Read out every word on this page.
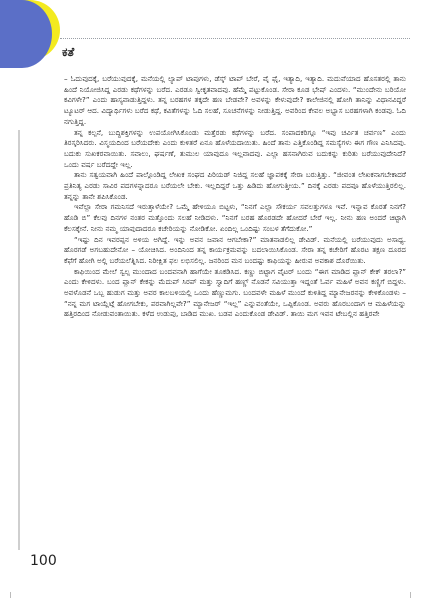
ಕತೆ

– ಓದುವುದಕ್ಕೆ, ಬರೆಯುವುದಕ್ಕೆ, ಮನೆಯಲ್ಲಿ ಲ್ಯಾಪ್ ಟಾಪುಗಳು, ಡೆಸ್ಕ್ ಟಾಪ್ ಬೇರೆ, ವೈ ಫೈ, ಇತ್ಯಾದಿ, ಇತ್ಯಾದಿ. ಮದುವೆಯಾದ ಹೊಸತರಲ್ಲಿ ತಾನು ಹಿಂದೆ ನಿಯೋಜಿಸಿದ್ದ ಎರಡು ಕಥೆಗಳನ್ನು ಬರೆದ. ಎರಡೂ ಸ್ವೀಕೃತವಾದವು. ಹೆಮ್ಮೆ ಪಟ್ಟುಕೊಂಡ. ಸೇರಾ ಕೂಡ ಭೇಷ್ ಎಂದಳು. “ಮುಂದೇನು ಬರಿಯೋ ಕವಿಗಳೇ?” ಎಂದು ಹಾಸ್ಯವಾಡುತ್ತಿದ್ದಳು. ತನ್ನ ಬರಹಗಳ ತಕ್ಕದೇ ಹಣ ಬೇಡವೇ? ಅವಳನ್ನು ಕೇಳುವುದೇ? ಕಾಲೇಜಿನಲ್ಲಿ ಹೋಗಿ ತಾನಿನ್ನು ವಿಧಾನವಿದ್ದರೆ ಟ್ಯೂಟರ್ ಆದ. ವಿದ್ಯಾರ್ಥಿಗಳು ಬರೆದ ಕಥೆ, ಕವಿತೆಗಳನ್ನು ಓದಿ ಸಲಹೆ, ಸೂಚನೆಗಳನ್ನು ನೀಡುತ್ತಿದ್ದ. ಅವರಿಂದ ಕೇವಲ ಅಭ್ಯಾಸ ಬರಹಗಳಾಗಿ ಕಂಡವು. ಓದಿ ನಗುತ್ತಿದ್ದ.

ತನ್ನ ಕಲ್ಪನೆ, ಬುದ್ಧಿಶಕ್ತಿಗಳನ್ನು ಉಪಯೋಗಿಸಿಕೊಂಡು ಮತ್ತೆರಡು ಕಥೆಗಳನ್ನು ಬರೆದ. ಸಂಪಾದಕರಿಗ್ಗೂ “ಇವು ಚರ್ವಿತ ಚರ್ವಣ” ಎಂದು ತಿರಸ್ಕರಿಸಿದರು. ವಿಸ್ಮಯದಿಂದ ಬರೆಯದೇಕು ಎಂದು ಕುಳಿತರೆ ಏನೂ ಹೊಳೆಯದಾಯಿತು. ಹಿಂದೆ ತಾನು ಎತ್ತಿಕೊಂಡಿದ್ದ ಸಮಸ್ಯೆಗಳು ಈಗ ಗೌಣ ಎನಿಸಿದವು. ಬದುಕು ಸುಖಕರವಾಯಿತು. ಸವಾಲು, ಘರ್ಷಣೆ, ತುಮುಲ ಯಾವುದೂ ಇಲ್ಲವಾದವು. ಎಲ್ಲಾ ಹಸನಾಗಿರುವ ಬದುಕನ್ನು ಕುರಿತು ಬರೆಯುವುದೇನಿದೆ? ಒಂದು ವರ್ಷ ಬರೆದದ್ದೇ ಇಲ್ಲ.

ತಾನು ಸತ್ವಯವಾಗಿ ಹಿಂದೆ ಪಾಲ್ಗೊಂಡಿದ್ದ ಲೇಖಕ ಸಂಘದ ಪಿರಿಯಡ್ ನಿಜಿದ್ದ ಸಲಹೆ ಜ್ಞಾಪಕಕ್ಕೆ ಸೇರಾ ಬರುತ್ತಿತ್ತು. “ಜೀವಂತ ಲೇಖಕನಾಗಬೇಕಾದರೆ ಪ್ರತಿನಿತ್ಯ ಎರಡು ಸಾವಿರ ಪದಗಳನ್ನಾದರೂ ಬರೆಯಲೇ ಬೇಕು. ಇಲ್ಲದಿದ್ದರೆ ಒತ್ತು ಹಿಡಿದು ಹೋಗುತ್ತೀಯ.” ದಿನಕ್ಕೆ ಎರಡು ಪದವೂ ಹೊಳೆಯುತ್ತಿರಲಿಲ್ಲ. ತನ್ನನ್ನು ತಾನೇ ಶಪಿಸಿಕೊಂಡ.

ಇವೆಲ್ಲಾ ಸೇರಾ ಗಮನಿಸದೆ ಇರುತ್ತಾಳೆಯೇ? ಒಮ್ಮೆ ಹೇಳಿಯೂ ಬಿಟ್ಟಳು, “ನಿನಗೆ ಎಲ್ಲಾ ಸೌಕರ್ಯ ಸವಲತ್ತುಗಳೂ ಇವೆ. ಇನ್ನಾವ ಕೊರತೆ ನಿನಗೆ? ಹೊಡಿ ಬಿ” ಕೆಲವು ದಿನಗಳ ನಂತರ ಮತ್ತೊಂದು ಸಲಹೆ ನೀಡಿದಳು. “ನಿನಗೆ ಬರಹ ಹೊರಡದೇ ಹೋದರೆ ಬೇರೆ ಇಲ್ಲ. ನೀನು ಹಣ ಅಂದರೆ ಚಿಟ್ಟಾಗಿ ಕೆಲಸಕ್ಕೇನೆ. ನೀನು ನಮ್ಮ ಯಾವುದಾದರೂ ಕಚೇರಿಯನ್ನು ನೋಡಿಕೋ. ಏಂದಿಲ್ಲ ಒಂದಿಷ್ಟು ಸಂಬಳ ತೆಗೆದುಕೋ.”

“ಇಷ್ಟು ದಿನ ಇವರಪ್ಪನ ಅಳಿಯ ಅಗಿದ್ದೆ. ಇನ್ನು ಅವನ ಜವಾನ ಆಗಬೇಕಾ?” ಮಾತನಾಡಲಿಲ್ಲ ಡೇವಿಡ್. ಮನೆಯಲ್ಲಿ ಬರೆಯುವುದು ಅಸಾಧ್ಯ. ಹೊರಗಡೆ ಅಗಬಹುದೇನೋ – ಯೋಚಿಸಿದ. ಅಂದಿನಿಂದ ತನ್ನ ಕಾರ್ಯಕ್ರಮವನ್ನು ಬದಲಾಯಿಸಿಕೊಂಡ. ಸೇರಾ ತನ್ನ ಕಚೇರಿಗೆ ಹೊರಟ ತಕ್ಷಣ ದೂರದ ಕೆಫೆಗೆ ಹೋಗಿ ಅಲ್ಲಿ ಬರೆಯಲೆತ್ನಿಸಿದ. ನಿರೀಕ್ಷಿತ ಫಲ ಲಭಿಸಲಿಲ್ಲ. ಜನರಿಂದ ಮನ ಬಂದಷ್ಟು ಕಾಫಿಯನ್ನು ಹೀರುವ ಅವಕಾಶ ದೊರೆಯಿತು.

ಕಾಫಿಯಿಂದ ಮೇಲೆ ಸ್ವಲ್ಪ ಮುಂದಾದ ಬಂದವನಾಗಿ ಹಾಗೆಯೇ ತೂಕಡಿಸಿದ. ಕಣ್ಣು ಬಿಟ್ಟಾಗ ವೈಟರ್ ಬಂದು “ಈಗ ಮಾಡಿದ ಪ್ಲಾನ್ ಕೇಕ್ ತರಲಾ?” ಎಂದು ಕೇಳಿದಳು. ಬಂದ ಪ್ಲಾನ್ ಕೇಕನ್ನು ಮೆದುಪ್ ಸಿರಪ್ ಮತ್ತು ಸ್ವಾದಿಗೆ ಹಣ್ಣ್ ನೊಡನೆ ಸವಿಯುತ್ತಾ ಇದ್ದಂತೆ ಓರ್ವ ಮಹಿಳೆ ಅವನ ಕಣ್ಣಿಗೆ ಬಿದ್ದಳು. ಅವಳೊಡನೆ ಒಬ್ಬ ಹುಡುಗ ಮತ್ತು ಅವರ ಕಾಲಬಳಿಯಲ್ಲಿ ಒಂದು ಹೆಣ್ಣುಮಗು. ಬಂದವಳೇ ಮಹಿಳೆ ಮುಂದೆ ಕುಳಿತಿದ್ದ ಮ್ಯಾನೇಜರನನ್ನು ಕೇಳಿಕೊಂಡಳು – “ನನ್ನ ಮಗ ಟಾಯ್ಲೆಟ್ಗೆ ಹೋಗಬೇಕು, ಪರವಾಗಿಲ್ಲವೇ?” ಮ್ಯಾನೇಜರ್ “ಇಲ್ಲ” ಎನ್ನುವಂತೆಯೇ, ಒಪ್ಪಿಕೊಂಡ. ಅವರು ಹೊರಬಂದಾಗ ಆ ಮಹಿಳೆಯನ್ನು ಹತ್ತಿರದಿಂದ ನೋಡುವಂತಾಯಿತು. ಕಳೆದ ಉಡುಪು, ಬಾಡಿದ ಮುಖ. ಬಡವ ಎಂದುಕೊಂಡ ಡೇವಿಡ್. ತಾಯಿ ಮಗ ಇವನ ಟೇಬಲ್ಲಿನ ಹತ್ತಿರವೇ

100
